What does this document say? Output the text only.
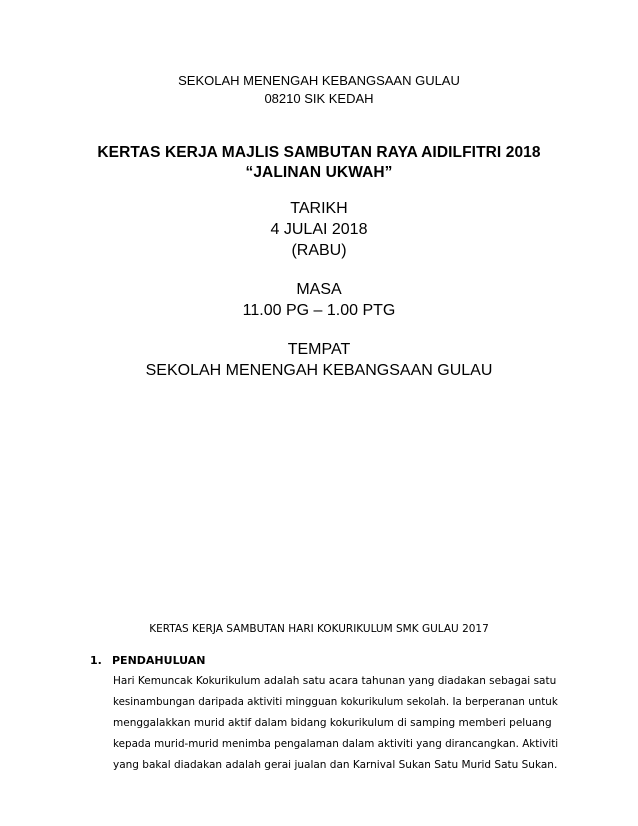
SEKOLAH MENENGAH KEBANGSAAN GULAU
08210 SIK KEDAH
KERTAS KERJA MAJLIS SAMBUTAN RAYA AIDILFITRI 2018
“JALINAN UKWAH”
TARIKH
4 JULAI 2018
(RABU)
MASA
11.00 PG – 1.00 PTG
TEMPAT
SEKOLAH MENENGAH KEBANGSAAN GULAU
KERTAS KERJA SAMBUTAN HARI KOKURIKULUM SMK GULAU 2017
1. PENDAHULUAN
Hari Kemuncak Kokurikulum adalah satu acara tahunan yang diadakan sebagai satu
kesinambungan daripada aktiviti mingguan kokurikulum sekolah. Ia berperanan untuk
menggalakkan murid aktif dalam bidang kokurikulum di samping memberi peluang
kepada murid-murid menimba pengalaman dalam aktiviti yang dirancangkan. Aktiviti
yang bakal diadakan adalah gerai jualan dan Karnival Sukan Satu Murid Satu Sukan.
